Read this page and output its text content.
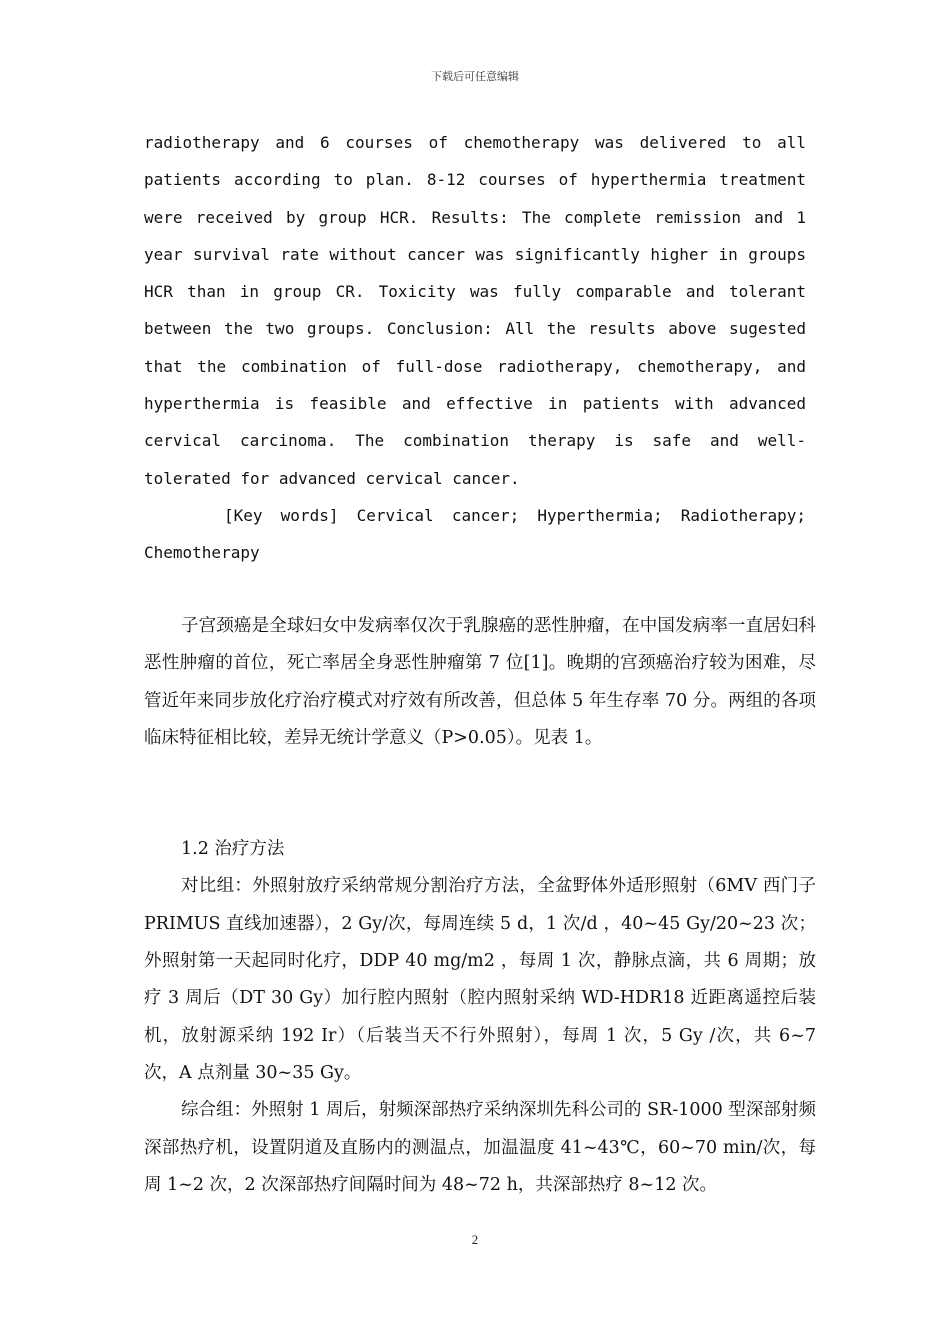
下载后可任意编辑

radiotherapy and 6 courses of chemotherapy was delivered to all patients according to plan. 8-12 courses of hyperthermia treatment were received by group HCR. Results: The complete remission and 1 year survival rate without cancer was significantly higher in groups HCR than in group CR. Toxicity was fully comparable and tolerant between the two groups. Conclusion: All the results above sugested that the combination of full-dose radiotherapy, chemotherapy, and hyperthermia is feasible and effective in patients with advanced cervical carcinoma. The combination therapy is safe and well-tolerated for advanced cervical cancer.

[Key words] Cervical cancer; Hyperthermia; Radiotherapy; Chemotherapy

子宫颈癌是全球妇女中发病率仅次于乳腺癌的恶性肿瘤，在中国发病率一直居妇科恶性肿瘤的首位，死亡率居全身恶性肿瘤第 7 位[1]。晚期的宫颈癌治疗较为困难，尽管近年来同步放化疗治疗模式对疗效有所改善，但总体 5 年生存率 70 分。两组的各项临床特征相比较，差异无统计学意义（P>0.05）。见表 1。

1.2 治疗方法

对比组：外照射放疗采纳常规分割治疗方法，全盆野体外适形照射（6MV 西门子 PRIMUS 直线加速器），2 Gy/次，每周连续 5 d，1 次/d ，40~45 Gy/20~23 次；外照射第一天起同时化疗，DDP 40 mg/m2 ，每周 1 次，静脉点滴，共 6 周期；放疗 3 周后（DT 30 Gy）加行腔内照射（腔内照射采纳 WD-HDR18 近距离遥控后装机，放射源采纳 192 Ir）（后装当天不行外照射），每周 1 次，5 Gy /次，共 6~7 次，A 点剂量 30~35 Gy。

综合组：外照射 1 周后，射频深部热疗采纳深圳先科公司的 SR-1000 型深部射频深部热疗机，设置阴道及直肠内的测温点，加温温度 41~43℃，60~70 min/次，每周 1~2 次，2 次深部热疗间隔时间为 48~72 h，共深部热疗 8~12 次。

2
